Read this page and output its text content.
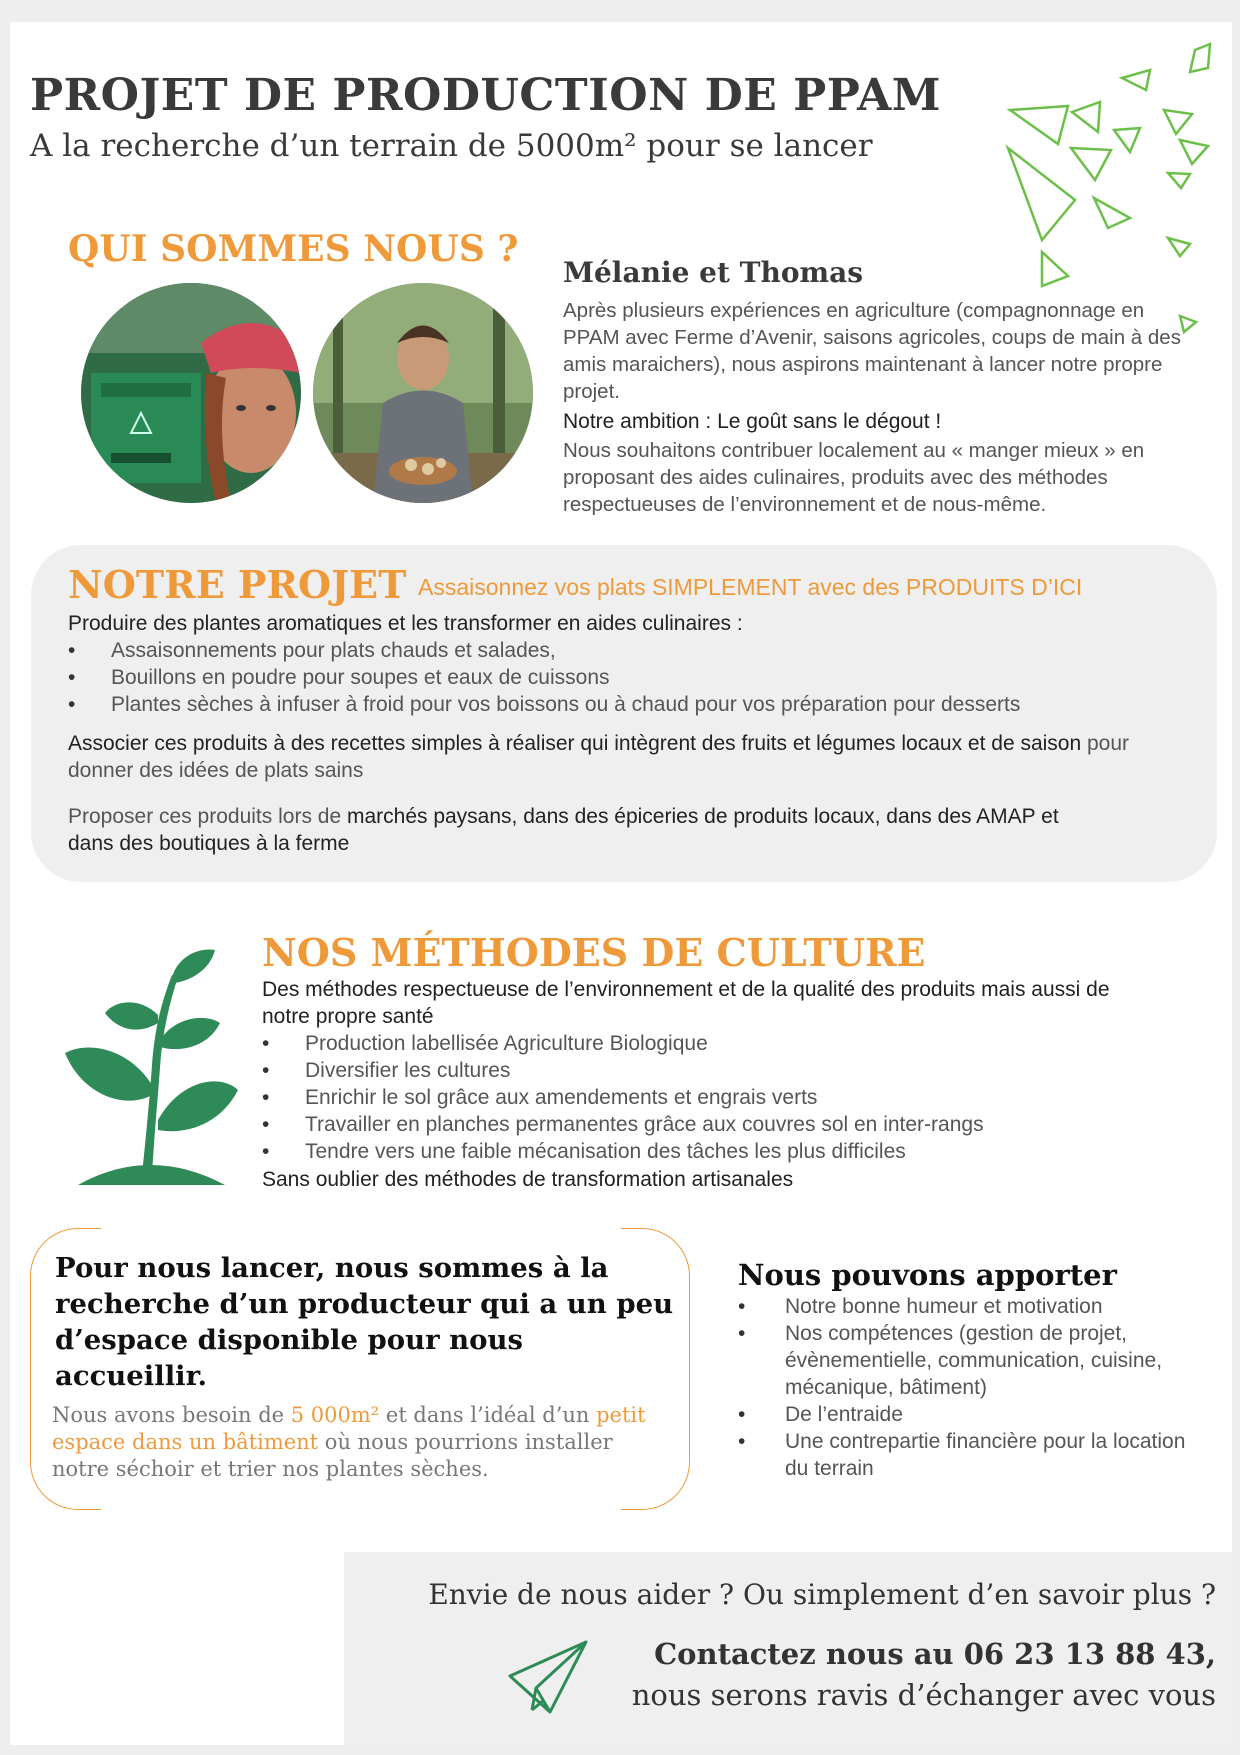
PROJET DE PRODUCTION DE PPAM
A la recherche d’un terrain de 5000m² pour se lancer
QUI SOMMES NOUS ?
Mélanie et Thomas
Après plusieurs expériences en agriculture (compagnonnage en PPAM avec Ferme d’Avenir, saisons agricoles, coups de main à des amis maraichers), nous aspirons maintenant à lancer notre propre projet.
Notre ambition : Le goût sans le dégout !
Nous souhaitons contribuer localement au « manger mieux » en proposant des aides culinaires, produits avec des méthodes respectueuses de l’environnement et de nous-même.
NOTRE PROJET Assaisonnez vos plats SIMPLEMENT avec des PRODUITS D’ICI
Produire des plantes aromatiques et les transformer en aides culinaires :
• Assaisonnements pour plats chauds et salades,
• Bouillons en poudre pour soupes et eaux de cuissons
• Plantes sèches à infuser à froid pour vos boissons ou à chaud pour vos préparation pour desserts
Associer ces produits à des recettes simples à réaliser qui intègrent des fruits et légumes locaux et de saison pour donner des idées de plats sains
Proposer ces produits lors de marchés paysans, dans des épiceries de produits locaux, dans des AMAP et dans des boutiques à la ferme
NOS MÉTHODES DE CULTURE
Des méthodes respectueuse de l’environnement et de la qualité des produits mais aussi de notre propre santé
• Production labellisée Agriculture Biologique
• Diversifier les cultures
• Enrichir le sol grâce aux amendements et engrais verts
• Travailler en planches permanentes grâce aux couvres sol en inter-rangs
• Tendre vers une faible mécanisation des tâches les plus difficiles
Sans oublier des méthodes de transformation artisanales
Pour nous lancer, nous sommes à la recherche d’un producteur qui a un peu d’espace disponible pour nous accueillir.
Nous avons besoin de 5 000m² et dans l’idéal d’un petit espace dans un bâtiment où nous pourrions installer notre séchoir et trier nos plantes sèches.
Nous pouvons apporter
• Notre bonne humeur et motivation
• Nos compétences (gestion de projet, évènementielle, communication, cuisine, mécanique, bâtiment)
• De l’entraide
• Une contrepartie financière pour la location du terrain
Envie de nous aider ? Ou simplement d’en savoir plus ?
Contactez nous au 06 23 13 88 43,
nous serons ravis d’échanger avec vous
